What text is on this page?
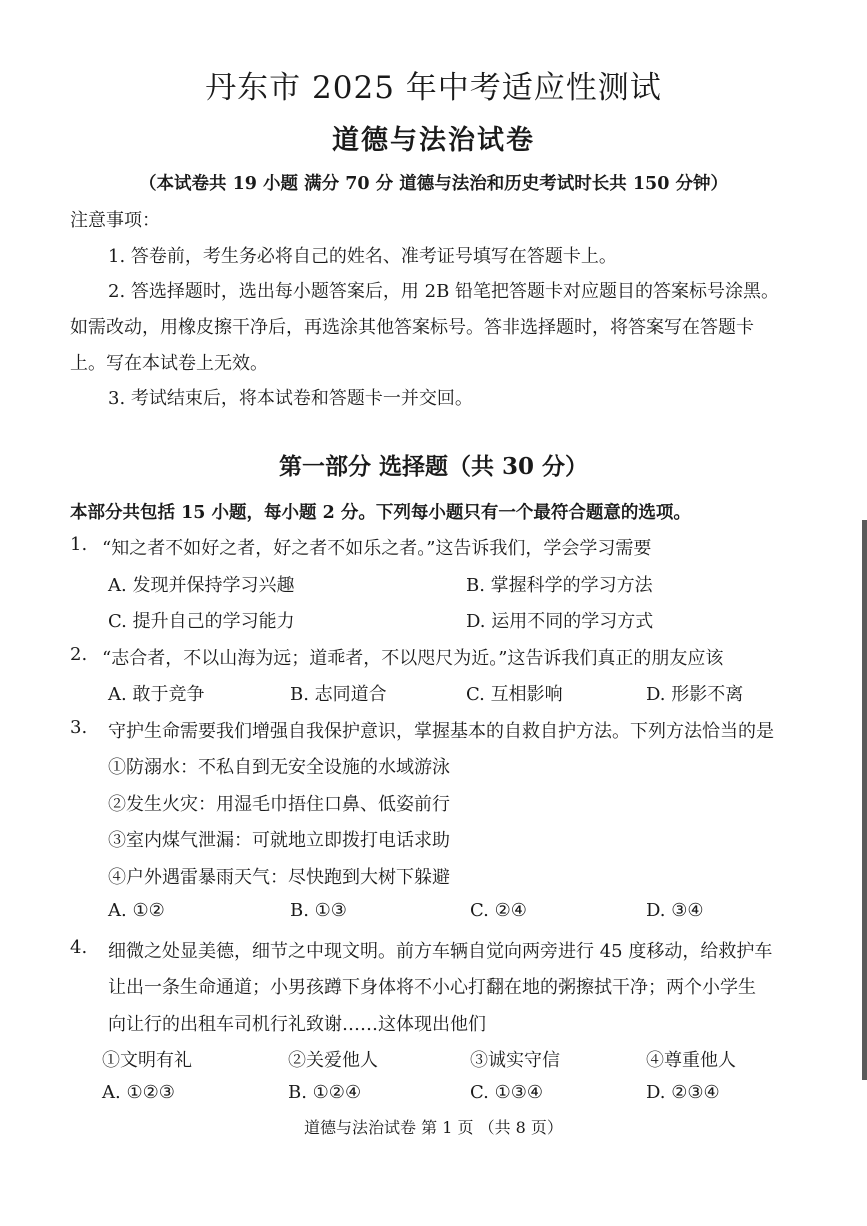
丹东市 2025 年中考适应性测试
道德与法治试卷
（本试卷共 19 小题 满分 70 分 道德与法治和历史考试时长共 150 分钟）
注意事项：
1. 答卷前，考生务必将自己的姓名、准考证号填写在答题卡上。
2. 答选择题时，选出每小题答案后，用 2B 铅笔把答题卡对应题目的答案标号涂黑。
如需改动，用橡皮擦干净后，再选涂其他答案标号。答非选择题时，将答案写在答题卡
上。写在本试卷上无效。
3. 考试结束后，将本试卷和答题卡一并交回。
第一部分 选择题（共 30 分）
本部分共包括 15 小题，每小题 2 分。下列每小题只有一个最符合题意的选项。
1. “知之者不如好之者，好之者不如乐之者。”这告诉我们，学会学习需要
A. 发现并保持学习兴趣	B. 掌握科学的学习方法
C. 提升自己的学习能力	D. 运用不同的学习方式
2. “志合者，不以山海为远；道乖者，不以咫尺为近。”这告诉我们真正的朋友应该
A. 敢于竞争	B. 志同道合	C. 互相影响	D. 形影不离
3. 守护生命需要我们增强自我保护意识，掌握基本的自救自护方法。下列方法恰当的是
①防溺水：不私自到无安全设施的水域游泳
②发生火灾：用湿毛巾捂住口鼻、低姿前行
③室内煤气泄漏：可就地立即拨打电话求助
④户外遇雷暴雨天气：尽快跑到大树下躲避
A. ①②	B. ①③	C. ②④	D. ③④
4. 细微之处显美德，细节之中现文明。前方车辆自觉向两旁进行 45 度移动，给救护车
让出一条生命通道；小男孩蹲下身体将不小心打翻在地的粥擦拭干净；两个小学生
向让行的出租车司机行礼致谢……这体现出他们
①文明有礼	②关爱他人	③诚实守信	④尊重他人
A. ①②③	B. ①②④	C. ①③④	D. ②③④
道德与法治试卷 第 1 页 （共 8 页）
